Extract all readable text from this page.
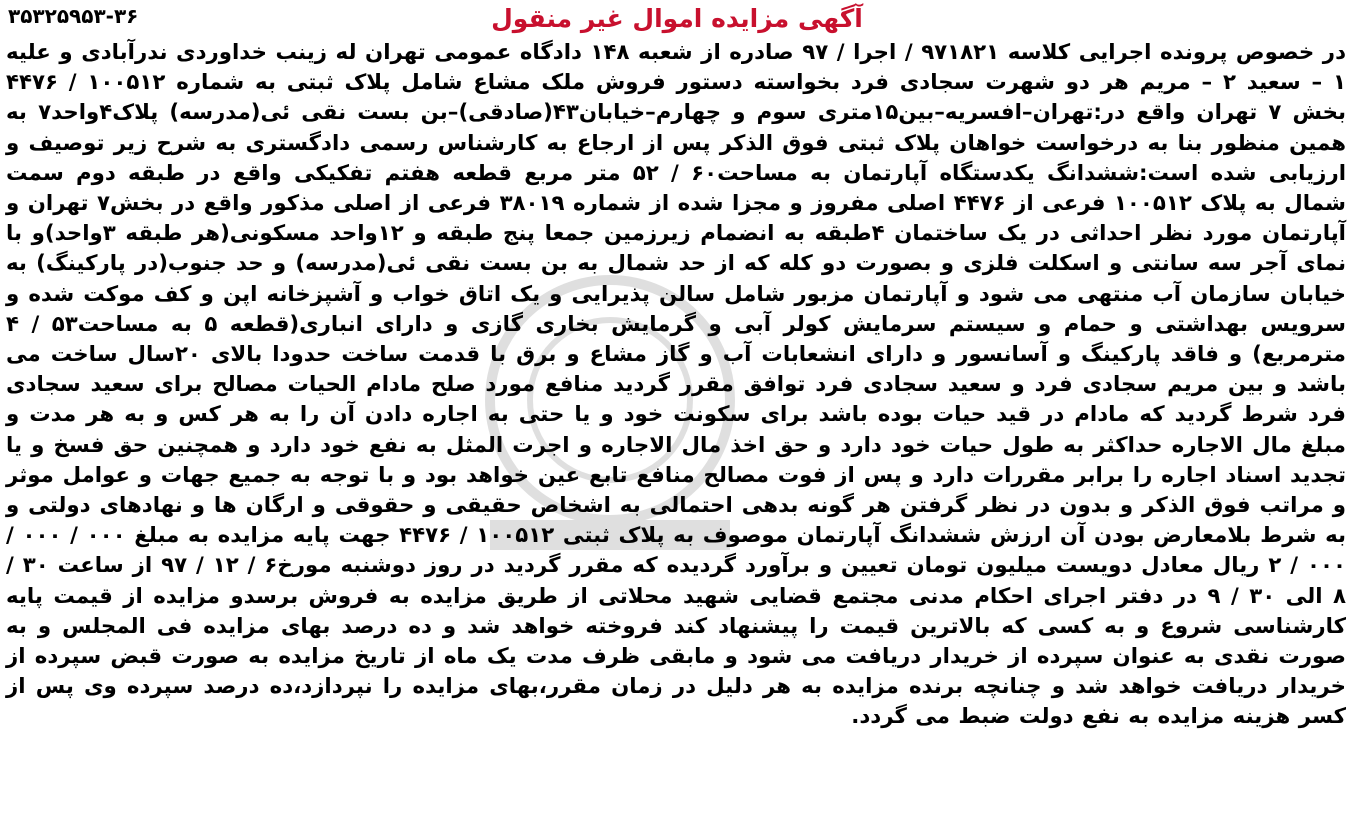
۳۵۳۲۵۹۵۳-۳۶	آگهی مزایده اموال غیر منقول
در خصوص پرونده اجرایی کلاسه ۹۷۱۸۲۱ / اجرا / ۹۷ صادره از شعبه ۱۴۸ دادگاه عمومی تهران له زینب خداوردی ندرآبادی و علیه ۱ – سعید ۲ – مریم هر دو شهرت سجادی فرد بخواسته دستور فروش ملک مشاع شامل پلاک ثبتی به شماره ۱۰۰۵۱۲ / ۴۴۷۶ بخش ۷ تهران واقع در:تهران–افسریه–بین۱۵متری سوم و چهارم–خیابان۴۳(صادقی)–بن بست نقی ئی(مدرسه) پلاک۴واحد۷ به همین منظور بنا به درخواست خواهان پلاک ثبتی فوق الذکر پس از ارجاع به کارشناس رسمی دادگستری به شرح زیر توصیف و ارزیابی شده است:ششدانگ یکدستگاه آپارتمان به مساحت۶۰ / ۵۲ متر مربع قطعه هفتم تفکیکی واقع در طبقه دوم سمت شمال به پلاک ۱۰۰۵۱۲ فرعی از ۴۴۷۶ اصلی مفروز و مجزا شده از شماره ۳۸۰۱۹ فرعی از اصلی مذکور واقع در بخش۷ تهران و آپارتمان مورد نظر احداثی در یک ساختمان ۴طبقه به انضمام زیرزمین جمعا پنج طبقه و ۱۲واحد مسکونی(هر طبقه ۳واحد)و با نمای آجر سه سانتی و اسکلت فلزی و بصورت دو کله که از حد شمال به بن بست نقی ئی(مدرسه) و حد جنوب(در پارکینگ) به خیابان سازمان آب منتهی می شود و آپارتمان مزبور شامل سالن پذیرایی و یک اتاق خواب و آشپزخانه اپن و کف موکت شده و سرویس بهداشتی و حمام و سیستم سرمایش کولر آبی و گرمایش بخاری گازی و دارای انباری(قطعه ۵ به مساحت۵۳ / ۴ مترمربع) و فاقد پارکینگ و آسانسور و دارای انشعابات آب و گاز مشاع و برق با قدمت ساخت حدودا بالای ۲۰سال ساخت می باشد و بین مریم سجادی فرد و سعید سجادی فرد توافق مقرر گردید منافع مورد صلح مادام الحیات مصالح برای سعید سجادی فرد شرط گردید که مادام در قید حیات بوده باشد برای سکونت خود و یا حتی به اجاره دادن آن را به هر کس و به هر مدت و مبلغ مال الاجاره حداکثر به طول حیات خود دارد و حق اخذ مال الاجاره و اجرت المثل به نفع خود دارد و همچنین حق فسخ و یا تجدید اسناد اجاره را برابر مقررات دارد و پس از فوت مصالح منافع تابع عین خواهد بود و با توجه به جمیع جهات و عوامل موثر و مراتب فوق الذکر و بدون در نظر گرفتن هر گونه بدهی احتمالی به اشخاص حقیقی و حقوقی و ارگان ها و نهادهای دولتی و به شرط بلامعارض بودن آن ارزش ششدانگ آپارتمان موصوف به پلاک ثبتی ۱۰۰۵۱۲ / ۴۴۷۶ جهت پایه مزایده به مبلغ ۰۰۰ / ۰۰۰ / ۰۰۰ / ۲ ریال معادل دویست میلیون تومان تعیین و برآورد گردیده که مقرر گردید در روز دوشنبه مورخ۶ / ۱۲ / ۹۷ از ساعت ۳۰ / ۸ الی ۳۰ / ۹ در دفتر اجرای احکام مدنی مجتمع قضایی شهید محلاتی از طریق مزایده به فروش برسدو مزایده از قیمت پایه کارشناسی شروع و به کسی که بالاترین قیمت را پیشنهاد کند فروخته خواهد شد و ده درصد بهای مزایده فی المجلس و به صورت نقدی به عنوان سپرده از خریدار دریافت می شود و مابقی ظرف مدت یک ماه از تاریخ مزایده به صورت قبض سپرده از خریدار دریافت خواهد شد و چنانچه برنده مزایده به هر دلیل در زمان مقرر،بهای مزایده را نپردازد،ده درصد سپرده وی پس از کسر هزینه مزایده به نفع دولت ضبط می گردد.
